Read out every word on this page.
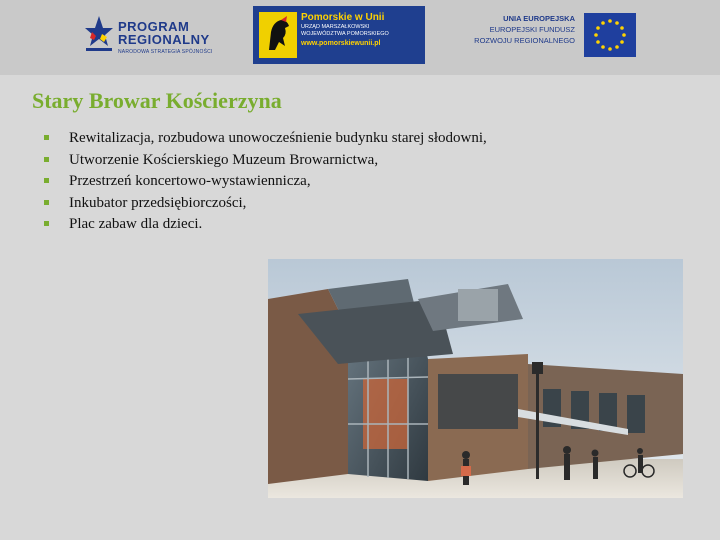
PROGRAM
REGIONALNY
NARODOWA STRATEGIA SPÓJNOŚCI
Pomorskie w Unii
URZĄD MARSZAŁKOWSKI
WOJEWÓDZTWA POMORSKIEGO
www.pomorskiewunii.pl
UNIA EUROPEJSKA
EUROPEJSKI FUNDUSZ
ROZWOJU REGIONALNEGO
Stary Browar Kościerzyna
Rewitalizacja, rozbudowa unowocześnienie budynku starej słodowni,
Utworzenie Kościerskiego Muzeum Browarnictwa,
Przestrzeń koncertowo-wystawiennicza,
Inkubator przedsiębiorczości,
Plac zabaw dla dzieci.
